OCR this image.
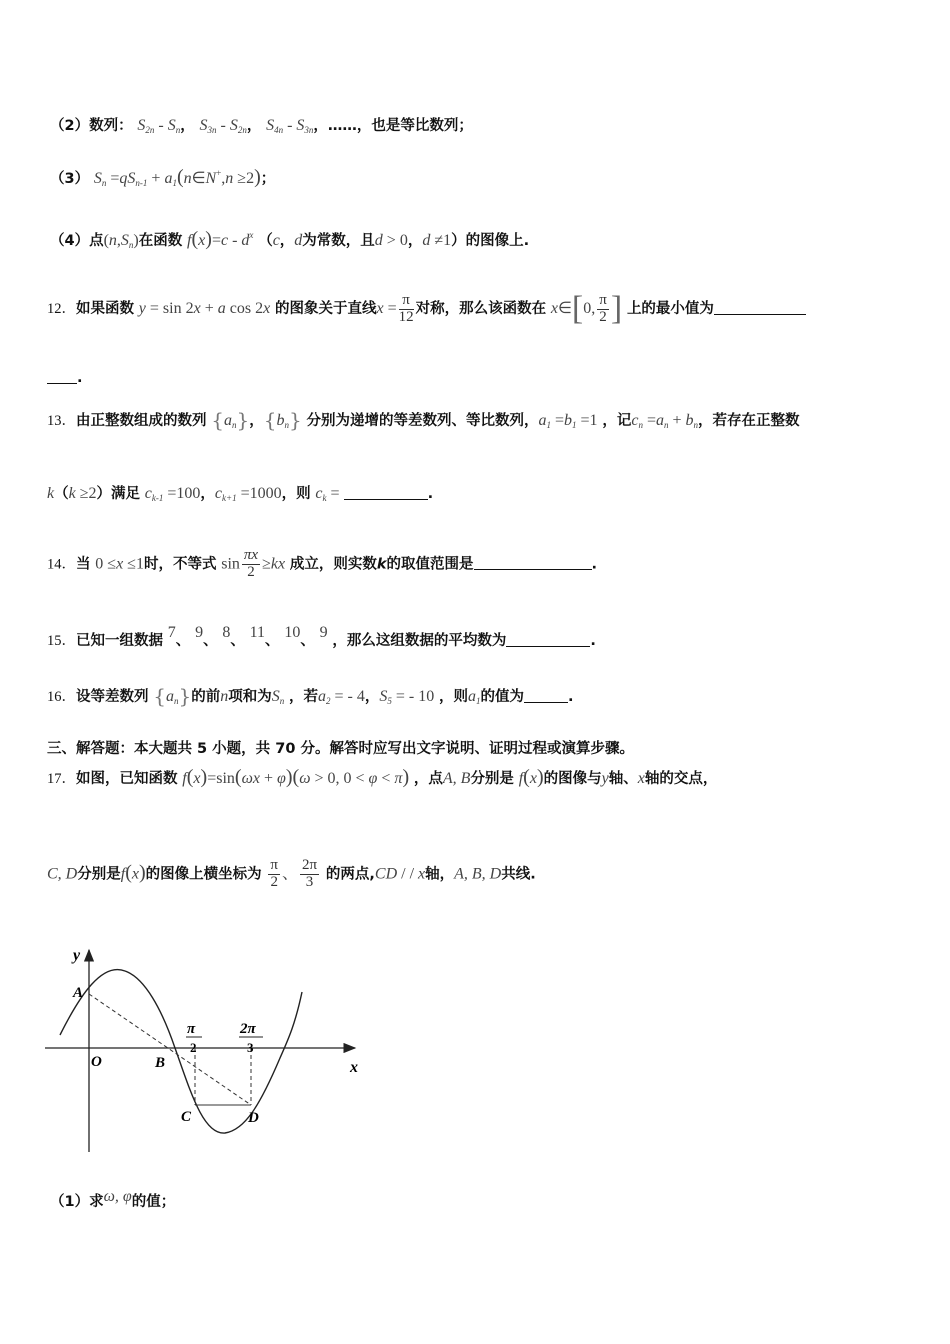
（2）数列： $S_{2n} - S_n$， $S_{3n} - S_{2n}$， $S_{4n} - S_{3n}$，……，也是等比数列；
（3） $S_n =qS_{n-1}$ + $a_1(n\in N^+,n \ge 2)$；
（4）点$(n,S_n)$在函数 $f(x)=c - d^x$ （c，d为常数，且d > 0，d ≠1）的图像上.
12．如果函数 y = sin 2x + a cos 2x 的图象关于直线$x = \frac{\pi}{12}$ 对称，那么该函数在 x∈[0, $\frac{\pi}{2}$ ] 上的最小值为
.
13．由正整数组成的数列 $\{a_n\}$，$\{b_n\}$ 分别为递增的等差数列、等比数列，$a_1 =b_1 =1$ ，记$c_n =a_n + b_n$，若存在正整数
k（k ≥2）满足 $c_{k-1} =100$，$c_{k+1} =1000$，则 $c_k$ =	.
14．当 0 ≤x ≤1时，不等式 $\sin \frac{\pi x}{2} \ge kx$ 成立，则实数k的取值范围是	.
15．已知一组数据 7、 9、 8、 11、 10、 9 ，那么这组数据的平均数为	.
16．设等差数列 $\{a_n\}$的前n项和为$S_n$ ，若$a_2$ = - 4，$S_5$ = - 10 ，则$a_1$的值为	.
三、解答题：本大题共 5 小题，共 70 分。解答时应写出文字说明、证明过程或演算步骤。
17．如图，已知函数 f(x)=sin(ωx + φ)(ω > 0, 0 < φ < π) ，点A, B分别是 f(x)的图像与y轴、x轴的交点，
C, D分别是f(x)的图像上横坐标为 $\frac{\pi}{2}$ 、 $\frac{2\pi}{3}$ 的两点,CD / / x轴，A, B, D共线.
y
x
O
A
B
C	D
π
2
2π
3
（1）求ω, φ的值；
